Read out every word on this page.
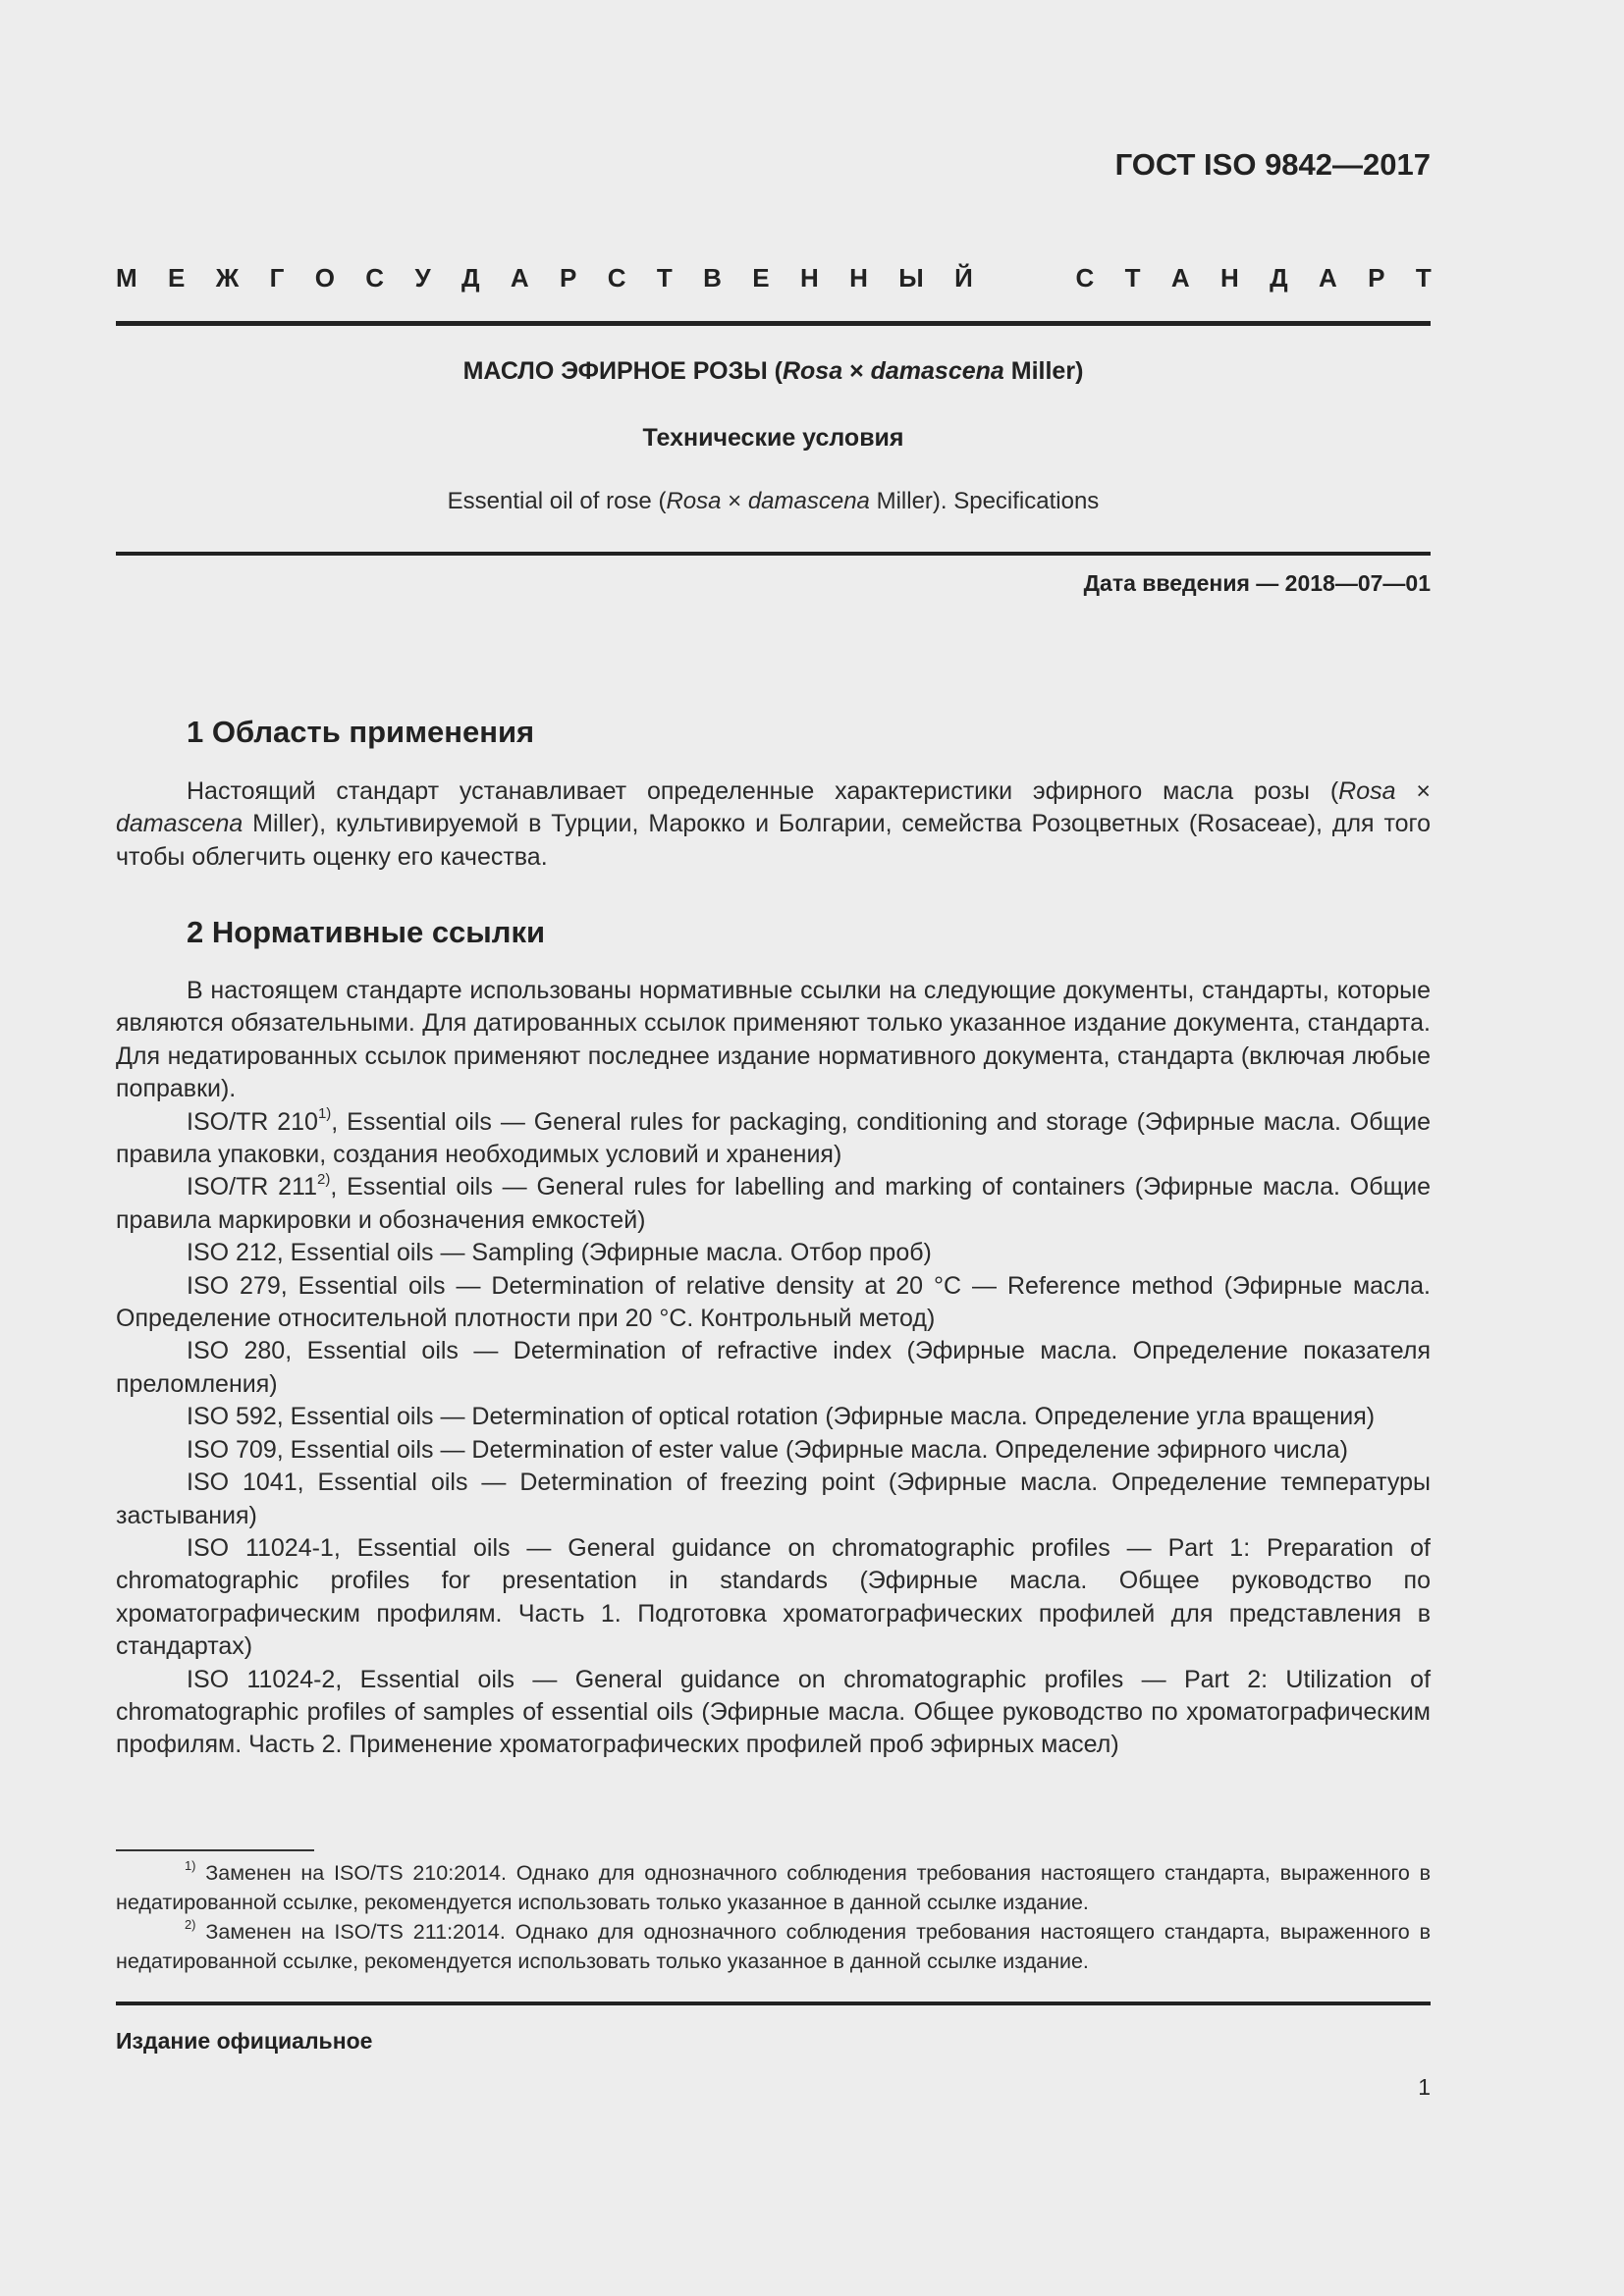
ГОСТ ISO 9842—2017
М Е Ж Г О С У Д А Р С Т В Е Н Н Ы Й	С Т А Н Д А Р Т
МАСЛО ЭФИРНОЕ РОЗЫ (Rosa × damascena Miller)
Технические условия
Essential oil of rose (Rosa × damascena Miller). Specifications
Дата введения — 2018—07—01
1 Область применения

Настоящий стандарт устанавливает определенные характеристики эфирного масла розы (Rosa × damascena Miller), культивируемой в Турции, Марокко и Болгарии, семейства Розоцветных (Rosaceae), для того чтобы облегчить оценку его качества.

2 Нормативные ссылки

В настоящем стандарте использованы нормативные ссылки на следующие документы, стандарты, которые являются обязательными. Для датированных ссылок применяют только указанное издание документа, стандарта. Для недатированных ссылок применяют последнее издание нормативного документа, стандарта (включая любые поправки).

ISO/TR 210$^{1)}$, Essential oils — General rules for packaging, conditioning and storage (Эфирные масла. Общие правила упаковки, создания необходимых условий и хранения)

ISO/TR 211$^{2)}$, Essential oils — General rules for labelling and marking of containers (Эфирные масла. Общие правила маркировки и обозначения емкостей)

ISO 212, Essential oils — Sampling (Эфирные масла. Отбор проб)

ISO 279, Essential oils — Determination of relative density at 20 °C — Reference method (Эфирные масла. Определение относительной плотности при 20 °C. Контрольный метод)

ISO 280, Essential oils — Determination of refractive index (Эфирные масла. Определение показателя преломления)

ISO 592, Essential oils — Determination of optical rotation (Эфирные масла. Определение угла вращения)

ISO 709, Essential oils — Determination of ester value (Эфирные масла. Определение эфирного числа)

ISO 1041, Essential oils — Determination of freezing point (Эфирные масла. Определение температуры застывания)

ISO 11024-1, Essential oils — General guidance on chromatographic profiles — Part 1: Preparation of chromatographic profiles for presentation in standards (Эфирные масла. Общее руководство по хроматографическим профилям. Часть 1. Подготовка хроматографических профилей для представления в стандартах)

ISO 11024-2, Essential oils — General guidance on chromatographic profiles — Part 2: Utilization of chromatographic profiles of samples of essential oils (Эфирные масла. Общее руководство по хроматографическим профилям. Часть 2. Применение хроматографических профилей проб эфирных масел)

$^{1)}$ Заменен на ISO/TS 210:2014. Однако для однозначного соблюдения требования настоящего стандарта, выраженного в недатированной ссылке, рекомендуется использовать только указанное в данной ссылке издание.

$^{2)}$ Заменен на ISO/TS 211:2014. Однако для однозначного соблюдения требования настоящего стандарта, выраженного в недатированной ссылке, рекомендуется использовать только указанное в данной ссылке издание.

Издание официальное
1
